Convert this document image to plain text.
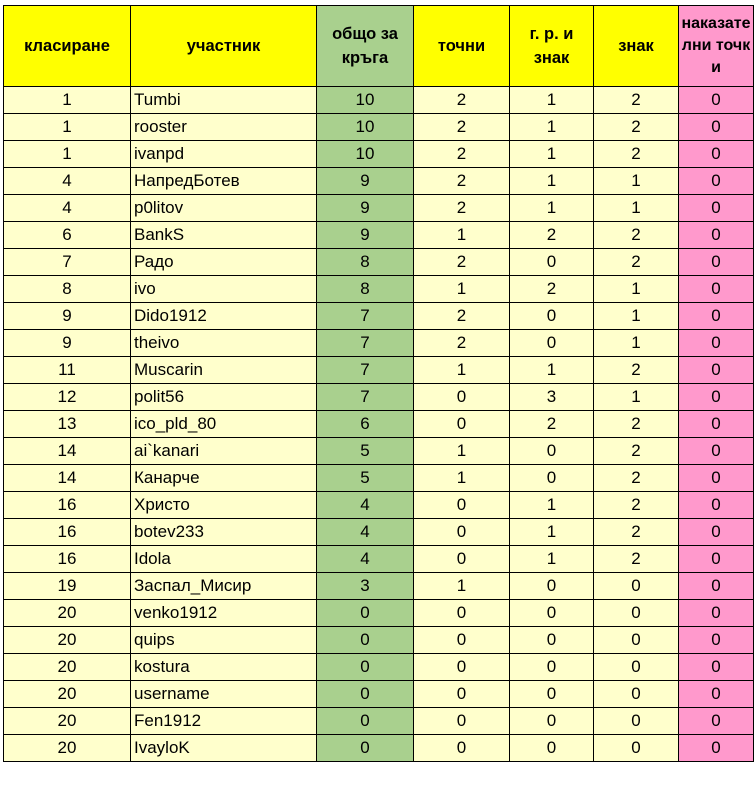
класиране	участник	общо за кръга	точни	г. р. и знак	знак	наказателни точки
1	Tumbi	10	2	1	2	0
1	rooster	10	2	1	2	0
1	ivanpd	10	2	1	2	0
4	НапредБотев	9	2	1	1	0
4	p0litov	9	2	1	1	0
6	BankS	9	1	2	2	0
7	Радо	8	2	0	2	0
8	ivo	8	1	2	1	0
9	Dido1912	7	2	0	1	0
9	theivo	7	2	0	1	0
11	Muscarin	7	1	1	2	0
12	polit56	7	0	3	1	0
13	ico_pld_80	6	0	2	2	0
14	ai`kanari	5	1	0	2	0
14	Канарче	5	1	0	2	0
16	Христо	4	0	1	2	0
16	botev233	4	0	1	2	0
16	Idola	4	0	1	2	0
19	Заспал_Мисир	3	1	0	0	0
20	venko1912	0	0	0	0	0
20	quips	0	0	0	0	0
20	kostura	0	0	0	0	0
20	username	0	0	0	0	0
20	Fen1912	0	0	0	0	0
20	IvayloK	0	0	0	0	0
